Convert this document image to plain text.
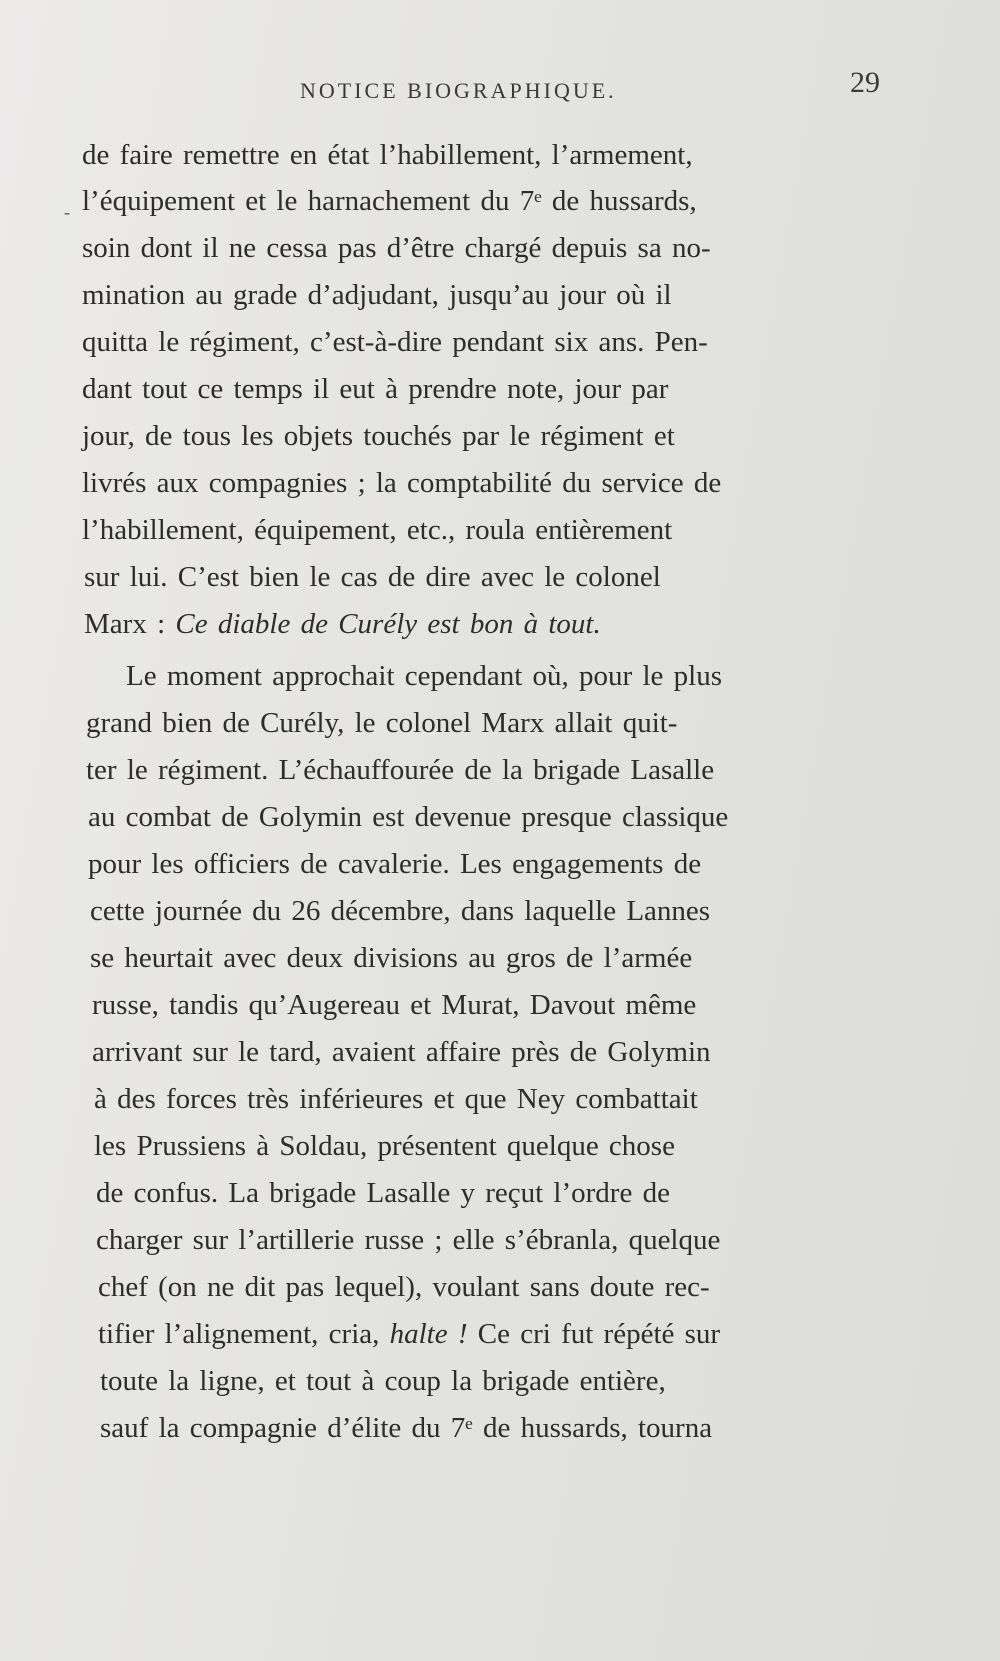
NOTICE BIOGRAPHIQUE.	29
-
de faire remettre en état l’habillement, l’armement,
l’équipement et le harnachement du 7ᵉ de hussards,
soin dont il ne cessa pas d’être chargé depuis sa no-
mination au grade d’adjudant, jusqu’au jour où il
quitta le régiment, c’est-à-dire pendant six ans. Pen-
dant tout ce temps il eut à prendre note, jour par
jour, de tous les objets touchés par le régiment et
livrés aux compagnies ; la comptabilité du service de
l’habillement, équipement, etc., roula entièrement
sur lui. C’est bien le cas de dire avec le colonel
Marx : Ce diable de Curély est bon à tout.
Le moment approchait cependant où, pour le plus
grand bien de Curély, le colonel Marx allait quit-
ter le régiment. L’échauffourée de la brigade Lasalle
au combat de Golymin est devenue presque classique
pour les officiers de cavalerie. Les engagements de
cette journée du 26 décembre, dans laquelle Lannes
se heurtait avec deux divisions au gros de l’armée
russe, tandis qu’Augereau et Murat, Davout même
arrivant sur le tard, avaient affaire près de Golymin
à des forces très inférieures et que Ney combattait
les Prussiens à Soldau, présentent quelque chose
de confus. La brigade Lasalle y reçut l’ordre de
charger sur l’artillerie russe ; elle s’ébranla, quelque
chef (on ne dit pas lequel), voulant sans doute rec-
tifier l’alignement, cria, halte ! Ce cri fut répété sur
toute la ligne, et tout à coup la brigade entière,
sauf la compagnie d’élite du 7ᵉ de hussards, tourna
